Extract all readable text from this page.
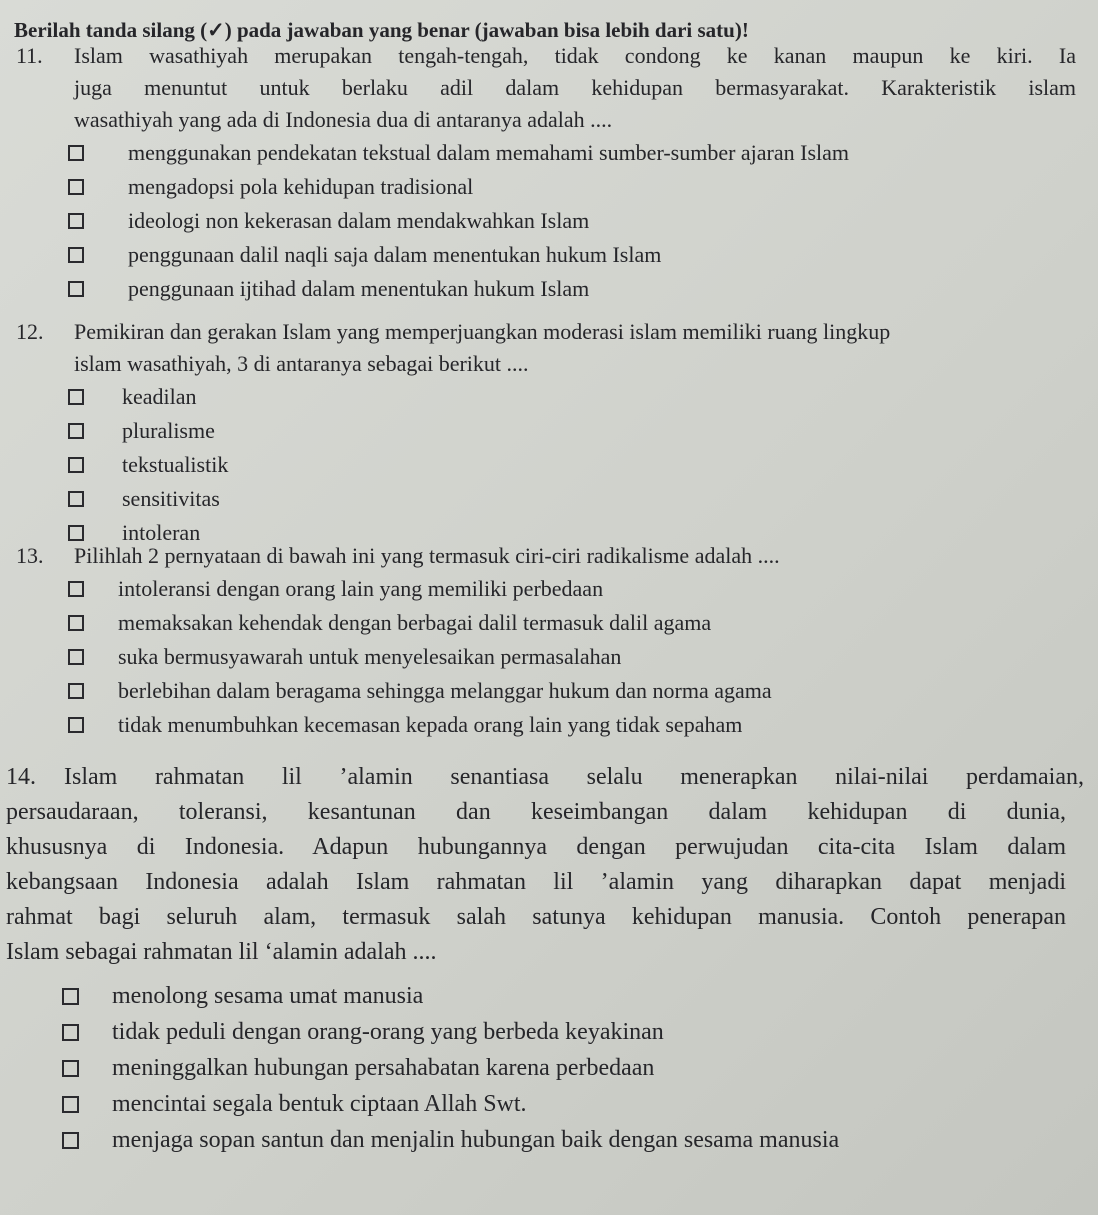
Berilah tanda silang (✓) pada jawaban yang benar (jawaban bisa lebih dari satu)!
11. Islam wasathiyah merupakan tengah-tengah, tidak condong ke kanan maupun ke kiri. Ia

juga menuntut untuk berlaku adil dalam kehidupan bermasyarakat. Karakteristik islam

wasathiyah yang ada di Indonesia dua di antaranya adalah ....

menggunakan pendekatan tekstual dalam memahami sumber-sumber ajaran Islam
mengadopsi pola kehidupan tradisional
ideologi non kekerasan dalam mendakwahkan Islam
penggunaan dalil naqli saja dalam menentukan hukum Islam
penggunaan ijtihad dalam menentukan hukum Islam
12. Pemikiran dan gerakan Islam yang memperjuangkan moderasi islam memiliki ruang lingkup

islam wasathiyah, 3 di antaranya sebagai berikut ....

keadilan
pluralisme
tekstualistik
sensitivitas
intoleran
13. Pilihlah 2 pernyataan di bawah ini yang termasuk ciri-ciri radikalisme adalah ....

intoleransi dengan orang lain yang memiliki perbedaan
memaksakan kehendak dengan berbagai dalil termasuk dalil agama
suka bermusyawarah untuk menyelesaikan permasalahan
berlebihan dalam beragama sehingga melanggar hukum dan norma agama
tidak menumbuhkan kecemasan kepada orang lain yang tidak sepaham
14. Islam rahmatan lil ’alamin senantiasa selalu menerapkan nilai-nilai perdamaian,

persaudaraan, toleransi, kesantunan dan keseimbangan dalam kehidupan di dunia,

khususnya di Indonesia. Adapun hubungannya dengan perwujudan cita-cita Islam dalam

kebangsaan Indonesia adalah Islam rahmatan lil ’alamin yang diharapkan dapat menjadi

rahmat bagi seluruh alam, termasuk salah satunya kehidupan manusia. Contoh penerapan

Islam sebagai rahmatan lil ‘alamin adalah ....

menolong sesama umat manusia
tidak peduli dengan orang-orang yang berbeda keyakinan
meninggalkan hubungan persahabatan karena perbedaan
mencintai segala bentuk ciptaan Allah Swt.
menjaga sopan santun dan menjalin hubungan baik dengan sesama manusia
